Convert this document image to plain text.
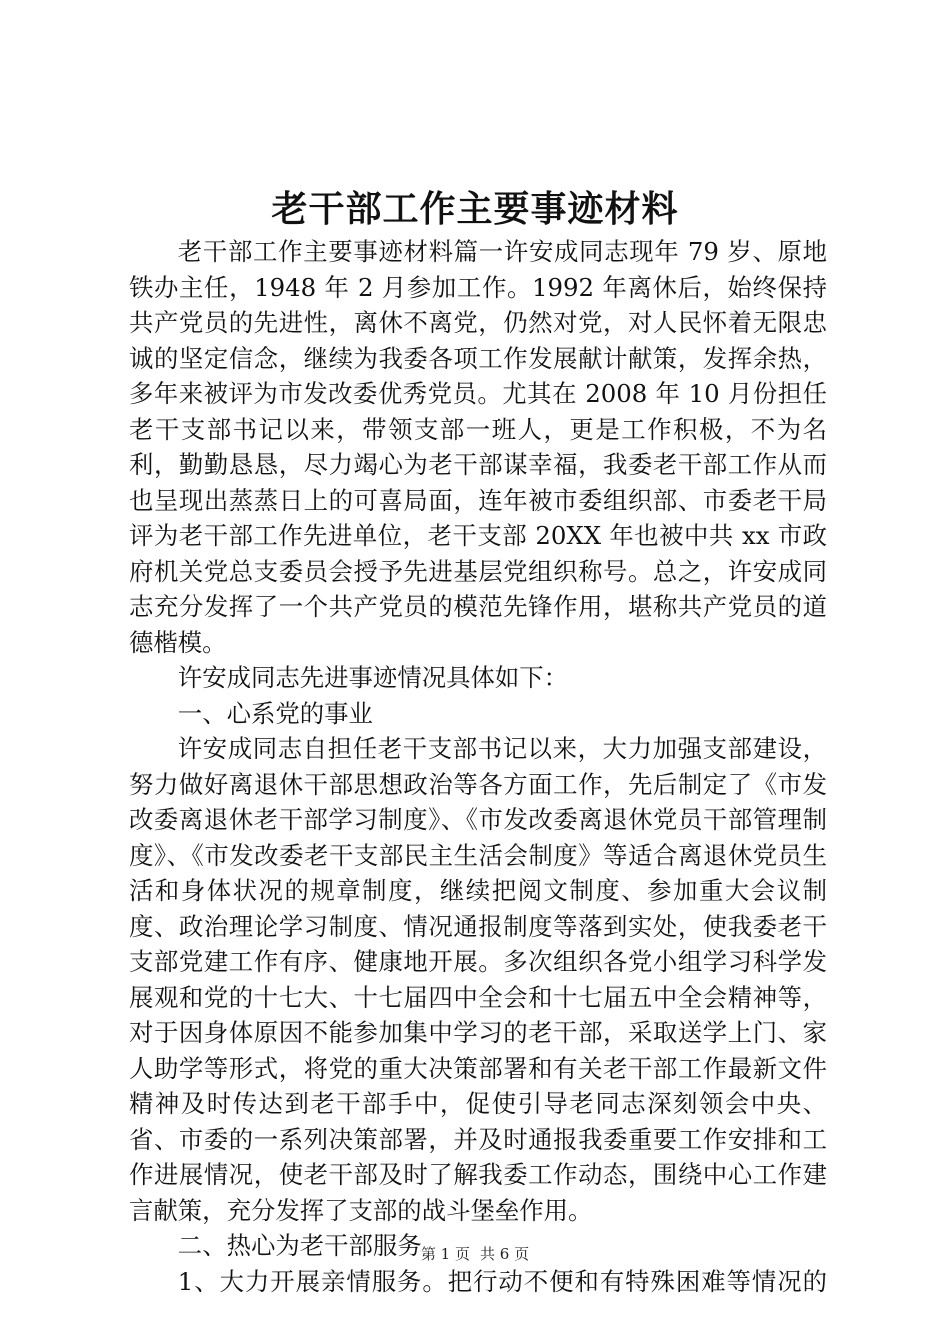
老干部工作主要事迹材料

老干部工作主要事迹材料篇一许安成同志现年 79 岁、原地铁办主任，1948 年 2 月参加工作。1992 年离休后，始终保持共产党员的先进性，离休不离党，仍然对党，对人民怀着无限忠诚的坚定信念，继续为我委各项工作发展献计献策，发挥余热，多年来被评为市发改委优秀党员。尤其在 2008 年 10 月份担任老干支部书记以来，带领支部一班人，更是工作积极，不为名利，勤勤恳恳，尽力竭心为老干部谋幸福，我委老干部工作从而也呈现出蒸蒸日上的可喜局面，连年被市委组织部、市委老干局评为老干部工作先进单位，老干支部 20XX 年也被中共 xx 市政府机关党总支委员会授予先进基层党组织称号。总之，许安成同志充分发挥了一个共产党员的模范先锋作用，堪称共产党员的道德楷模。

许安成同志先进事迹情况具体如下：

一、心系党的事业

许安成同志自担任老干支部书记以来，大力加强支部建设，努力做好离退休干部思想政治等各方面工作，先后制定了《市发改委离退休老干部学习制度》、《市发改委离退休党员干部管理制度》、《市发改委老干支部民主生活会制度》等适合离退休党员生活和身体状况的规章制度，继续把阅文制度、参加重大会议制度、政治理论学习制度、情况通报制度等落到实处，使我委老干支部党建工作有序、健康地开展。多次组织各党小组学习科学发展观和党的十七大、十七届四中全会和十七届五中全会精神等，对于因身体原因不能参加集中学习的老干部，采取送学上门、家人助学等形式，将党的重大决策部署和有关老干部工作最新文件精神及时传达到老干部手中，促使引导老同志深刻领会中央、省、市委的一系列决策部署，并及时通报我委重要工作安排和工作进展情况，使老干部及时了解我委工作动态，围绕中心工作建言献策，充分发挥了支部的战斗堡垒作用。

二、热心为老干部服务

1、大力开展亲情服务。把行动不便和有特殊困难等情况的

第 1 页 共 6 页
